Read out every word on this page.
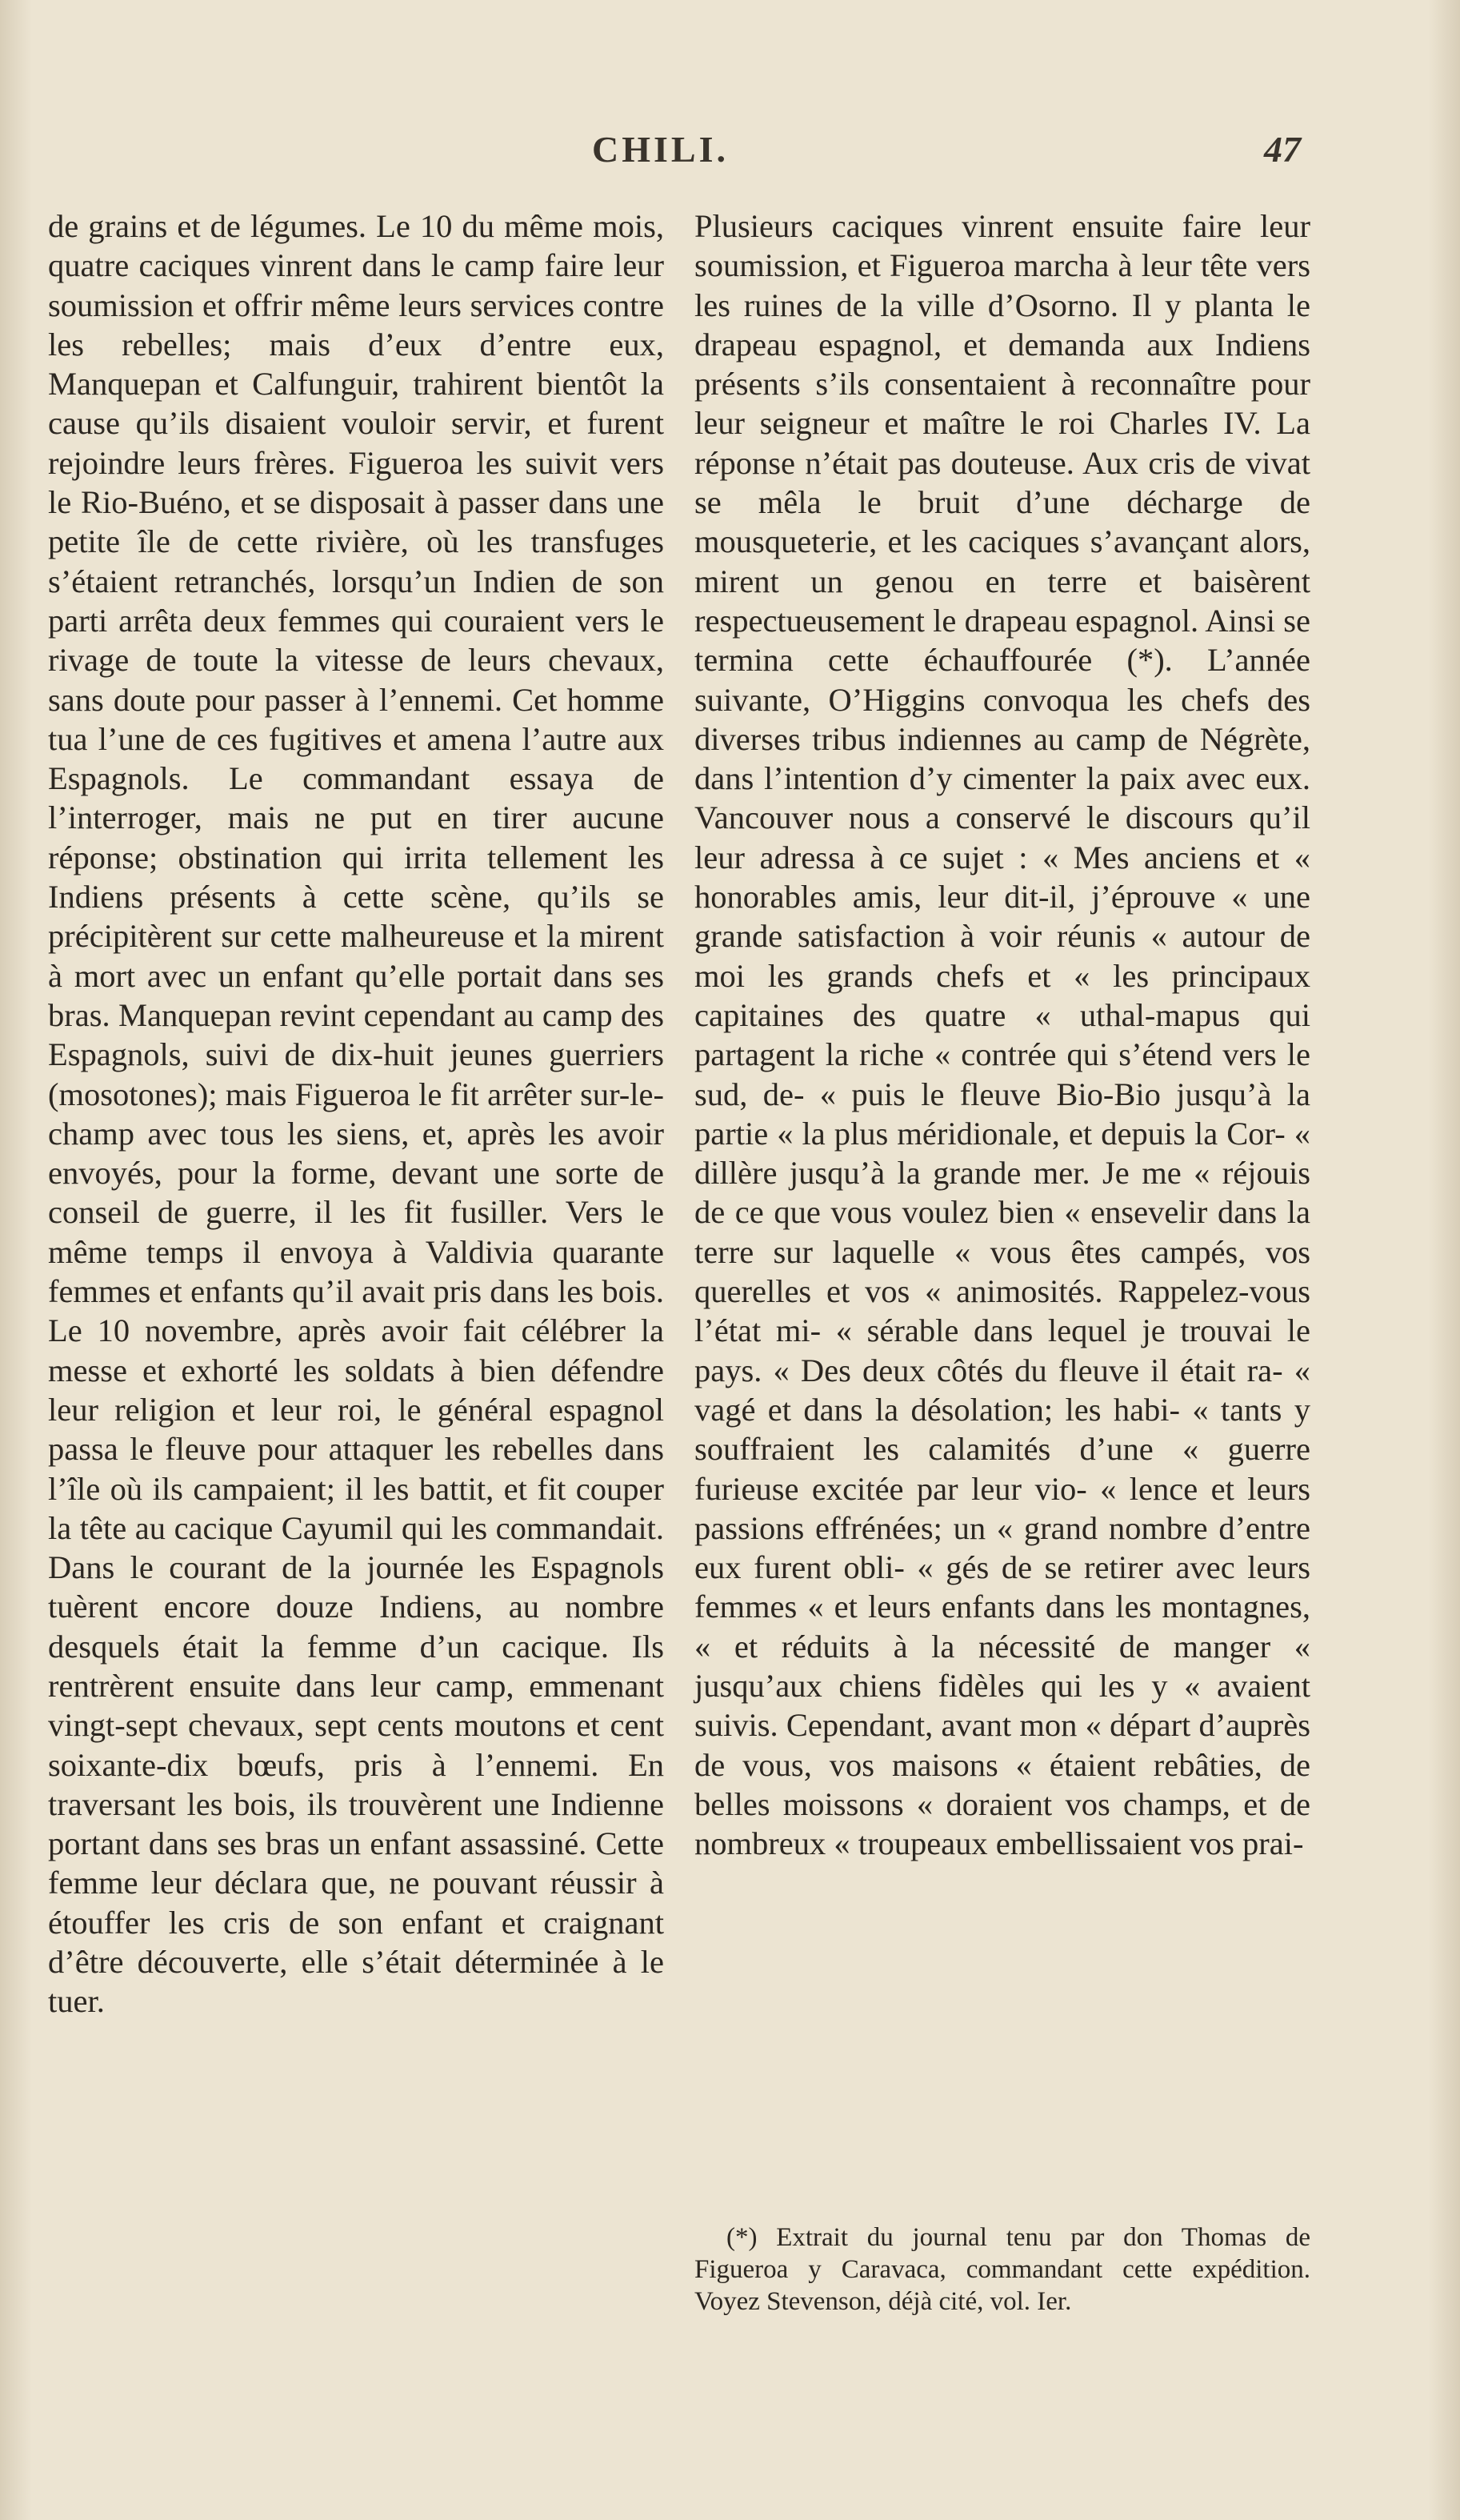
CHILI.	47

de grains et de légumes. Le 10 du même mois, quatre caciques vinrent dans le camp faire leur soumission et offrir même leurs services contre les rebelles; mais d’eux d’entre eux, Manquepan et Calfunguir, trahirent bientôt la cause qu’ils disaient vouloir servir, et furent rejoindre leurs frères. Figueroa les suivit vers le Rio-Buéno, et se disposait à passer dans une petite île de cette rivière, où les transfuges s’étaient retranchés, lorsqu’un Indien de son parti arrêta deux femmes qui couraient vers le rivage de toute la vitesse de leurs chevaux, sans doute pour passer à l’ennemi. Cet homme tua l’une de ces fugitives et amena l’autre aux Espagnols. Le commandant essaya de l’interroger, mais ne put en tirer aucune réponse; obstination qui irrita tellement les Indiens présents à cette scène, qu’ils se précipitèrent sur cette malheureuse et la mirent à mort avec un enfant qu’elle portait dans ses bras. Manquepan revint cependant au camp des Espagnols, suivi de dix-huit jeunes guerriers (mosotones); mais Figueroa le fit arrêter sur-le-champ avec tous les siens, et, après les avoir envoyés, pour la forme, devant une sorte de conseil de guerre, il les fit fusiller. Vers le même temps il envoya à Valdivia quarante femmes et enfants qu’il avait pris dans les bois. Le 10 novembre, après avoir fait célébrer la messe et exhorté les soldats à bien défendre leur religion et leur roi, le général espagnol passa le fleuve pour attaquer les rebelles dans l’île où ils campaient; il les battit, et fit couper la tête au cacique Cayumil qui les commandait. Dans le courant de la journée les Espagnols tuèrent encore douze Indiens, au nombre desquels était la femme d’un cacique. Ils rentrèrent ensuite dans leur camp, emmenant vingt-sept chevaux, sept cents moutons et cent soixante-dix bœufs, pris à l’ennemi. En traversant les bois, ils trouvèrent une Indienne portant dans ses bras un enfant assassiné. Cette femme leur déclara que, ne pouvant réussir à étouffer les cris de son enfant et craignant d’être découverte, elle s’était déterminée à le tuer.

Plusieurs caciques vinrent ensuite faire leur soumission, et Figueroa marcha à leur tête vers les ruines de la ville d’Osorno. Il y planta le drapeau espagnol, et demanda aux Indiens présents s’ils consentaient à reconnaître pour leur seigneur et maître le roi Charles IV. La réponse n’était pas douteuse. Aux cris de vivat se mêla le bruit d’une décharge de mousqueterie, et les caciques s’avançant alors, mirent un genou en terre et baisèrent respectueusement le drapeau espagnol. Ainsi se termina cette échauffourée (*). L’année suivante, O’Higgins convoqua les chefs des diverses tribus indiennes au camp de Négrète, dans l’intention d’y cimenter la paix avec eux. Vancouver nous a conservé le discours qu’il leur adressa à ce sujet : « Mes anciens et « honorables amis, leur dit-il, j’éprouve « une grande satisfaction à voir réunis « autour de moi les grands chefs et « les principaux capitaines des quatre « uthal-mapus qui partagent la riche « contrée qui s’étend vers le sud, de- « puis le fleuve Bio-Bio jusqu’à la partie « la plus méridionale, et depuis la Cor- « dillère jusqu’à la grande mer. Je me « réjouis de ce que vous voulez bien « ensevelir dans la terre sur laquelle « vous êtes campés, vos querelles et vos « animosités. Rappelez-vous l’état mi- « sérable dans lequel je trouvai le pays. « Des deux côtés du fleuve il était ra- « vagé et dans la désolation; les habi- « tants y souffraient les calamités d’une « guerre furieuse excitée par leur vio- « lence et leurs passions effrénées; un « grand nombre d’entre eux furent obli- « gés de se retirer avec leurs femmes « et leurs enfants dans les montagnes, « et réduits à la nécessité de manger « jusqu’aux chiens fidèles qui les y « avaient suivis. Cependant, avant mon « départ d’auprès de vous, vos maisons « étaient rebâties, de belles moissons « doraient vos champs, et de nombreux « troupeaux embellissaient vos prai-

(*) Extrait du journal tenu par don Thomas de Figueroa y Caravaca, commandant cette expédition. Voyez Stevenson, déjà cité, vol. Ier.
